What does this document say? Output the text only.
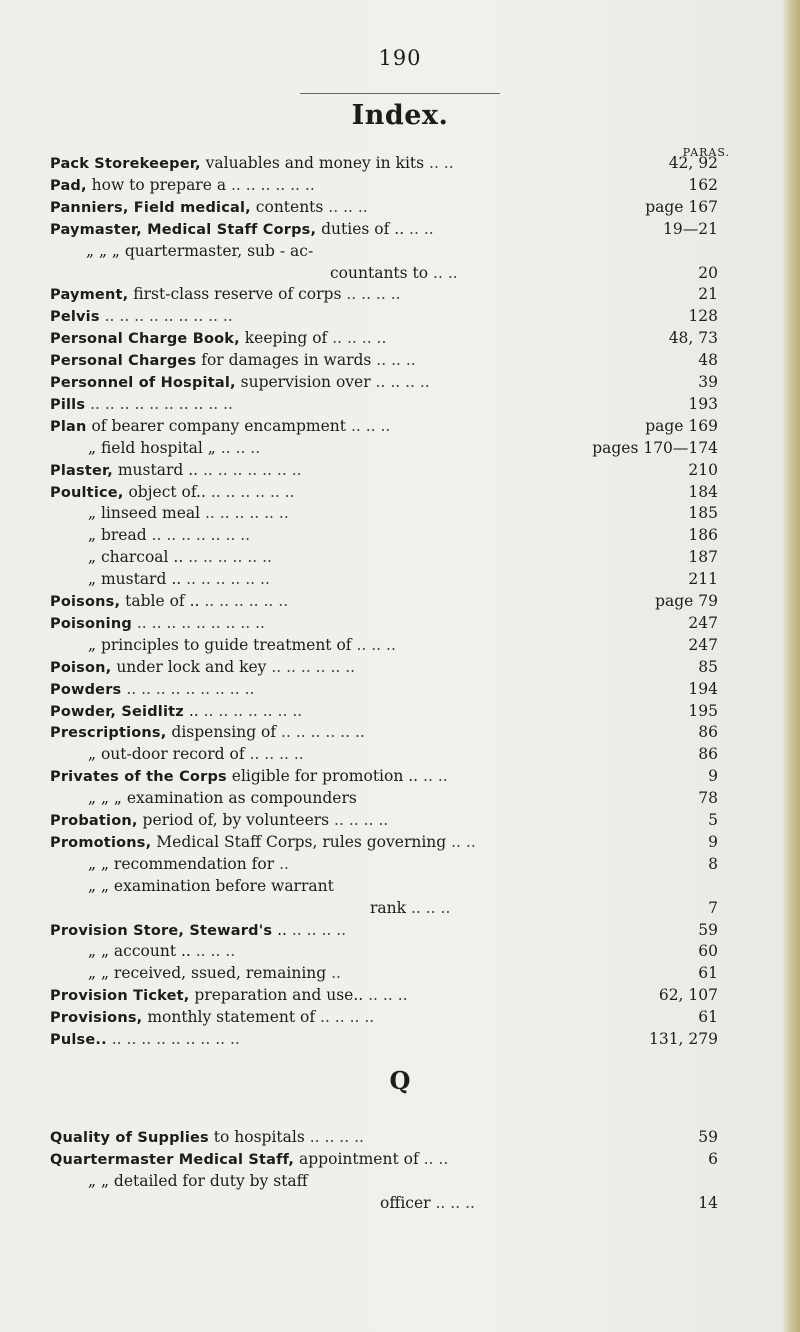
190
Index.
PARAS.
Pack Storekeeper, valuables and money in kits .. ..	42, 92
Pad, how to prepare a .. .. .. .. .. ..	162
Panniers, Field medical, contents .. .. ..	page 167
Paymaster, Medical Staff Corps, duties of .. .. ..	19—21
„ „ „ quartermaster, sub - ac-
countants to .. ..	20
Payment, first-class reserve of corps .. .. .. ..	21
Pelvis .. .. .. .. .. .. .. .. ..	128
Personal Charge Book, keeping of .. .. .. ..	48, 73
Personal Charges for damages in wards .. .. ..	48
Personnel of Hospital, supervision over .. .. .. ..	39
Pills .. .. .. .. .. .. .. .. .. ..	193
Plan of bearer company encampment .. .. ..	page 169
„ field hospital „ .. .. ..	pages 170—174
Plaster, mustard .. .. .. .. .. .. .. ..	210
Poultice, object of.. .. .. .. .. .. ..	184
„ linseed meal .. .. .. .. .. ..	185
„ bread .. .. .. .. .. .. ..	186
„ charcoal .. .. .. .. .. .. ..	187
„ mustard .. .. .. .. .. .. ..	211
Poisons, table of .. .. .. .. .. .. ..	page 79
Poisoning .. .. .. .. .. .. .. .. ..	247
„ principles to guide treatment of .. .. ..	247
Poison, under lock and key .. .. .. .. .. ..	85
Powders .. .. .. .. .. .. .. .. ..	194
Powder, Seidlitz .. .. .. .. .. .. .. ..	195
Prescriptions, dispensing of .. .. .. .. .. ..	86
„ out-door record of .. .. .. ..	86
Privates of the Corps eligible for promotion .. .. ..	9
„ „ „ examination as compounders	78
Probation, period of, by volunteers .. .. .. ..	5
Promotions, Medical Staff Corps, rules governing .. ..	9
„ „ recommendation for ..	8
„ „ examination before warrant
rank .. .. ..	7
Provision Store, Steward's .. .. .. .. ..	59
„ „ account .. .. .. ..	60
„ „ received, ssued, remaining ..	61
Provision Ticket, preparation and use.. .. .. ..	62, 107
Provisions, monthly statement of .. .. .. ..	61
Pulse.. .. .. .. .. .. .. .. .. ..	131, 279
Q
Quality of Supplies to hospitals .. .. .. ..	59
Quartermaster Medical Staff, appointment of .. ..	6
„ „ detailed for duty by staff
officer .. .. ..	14
